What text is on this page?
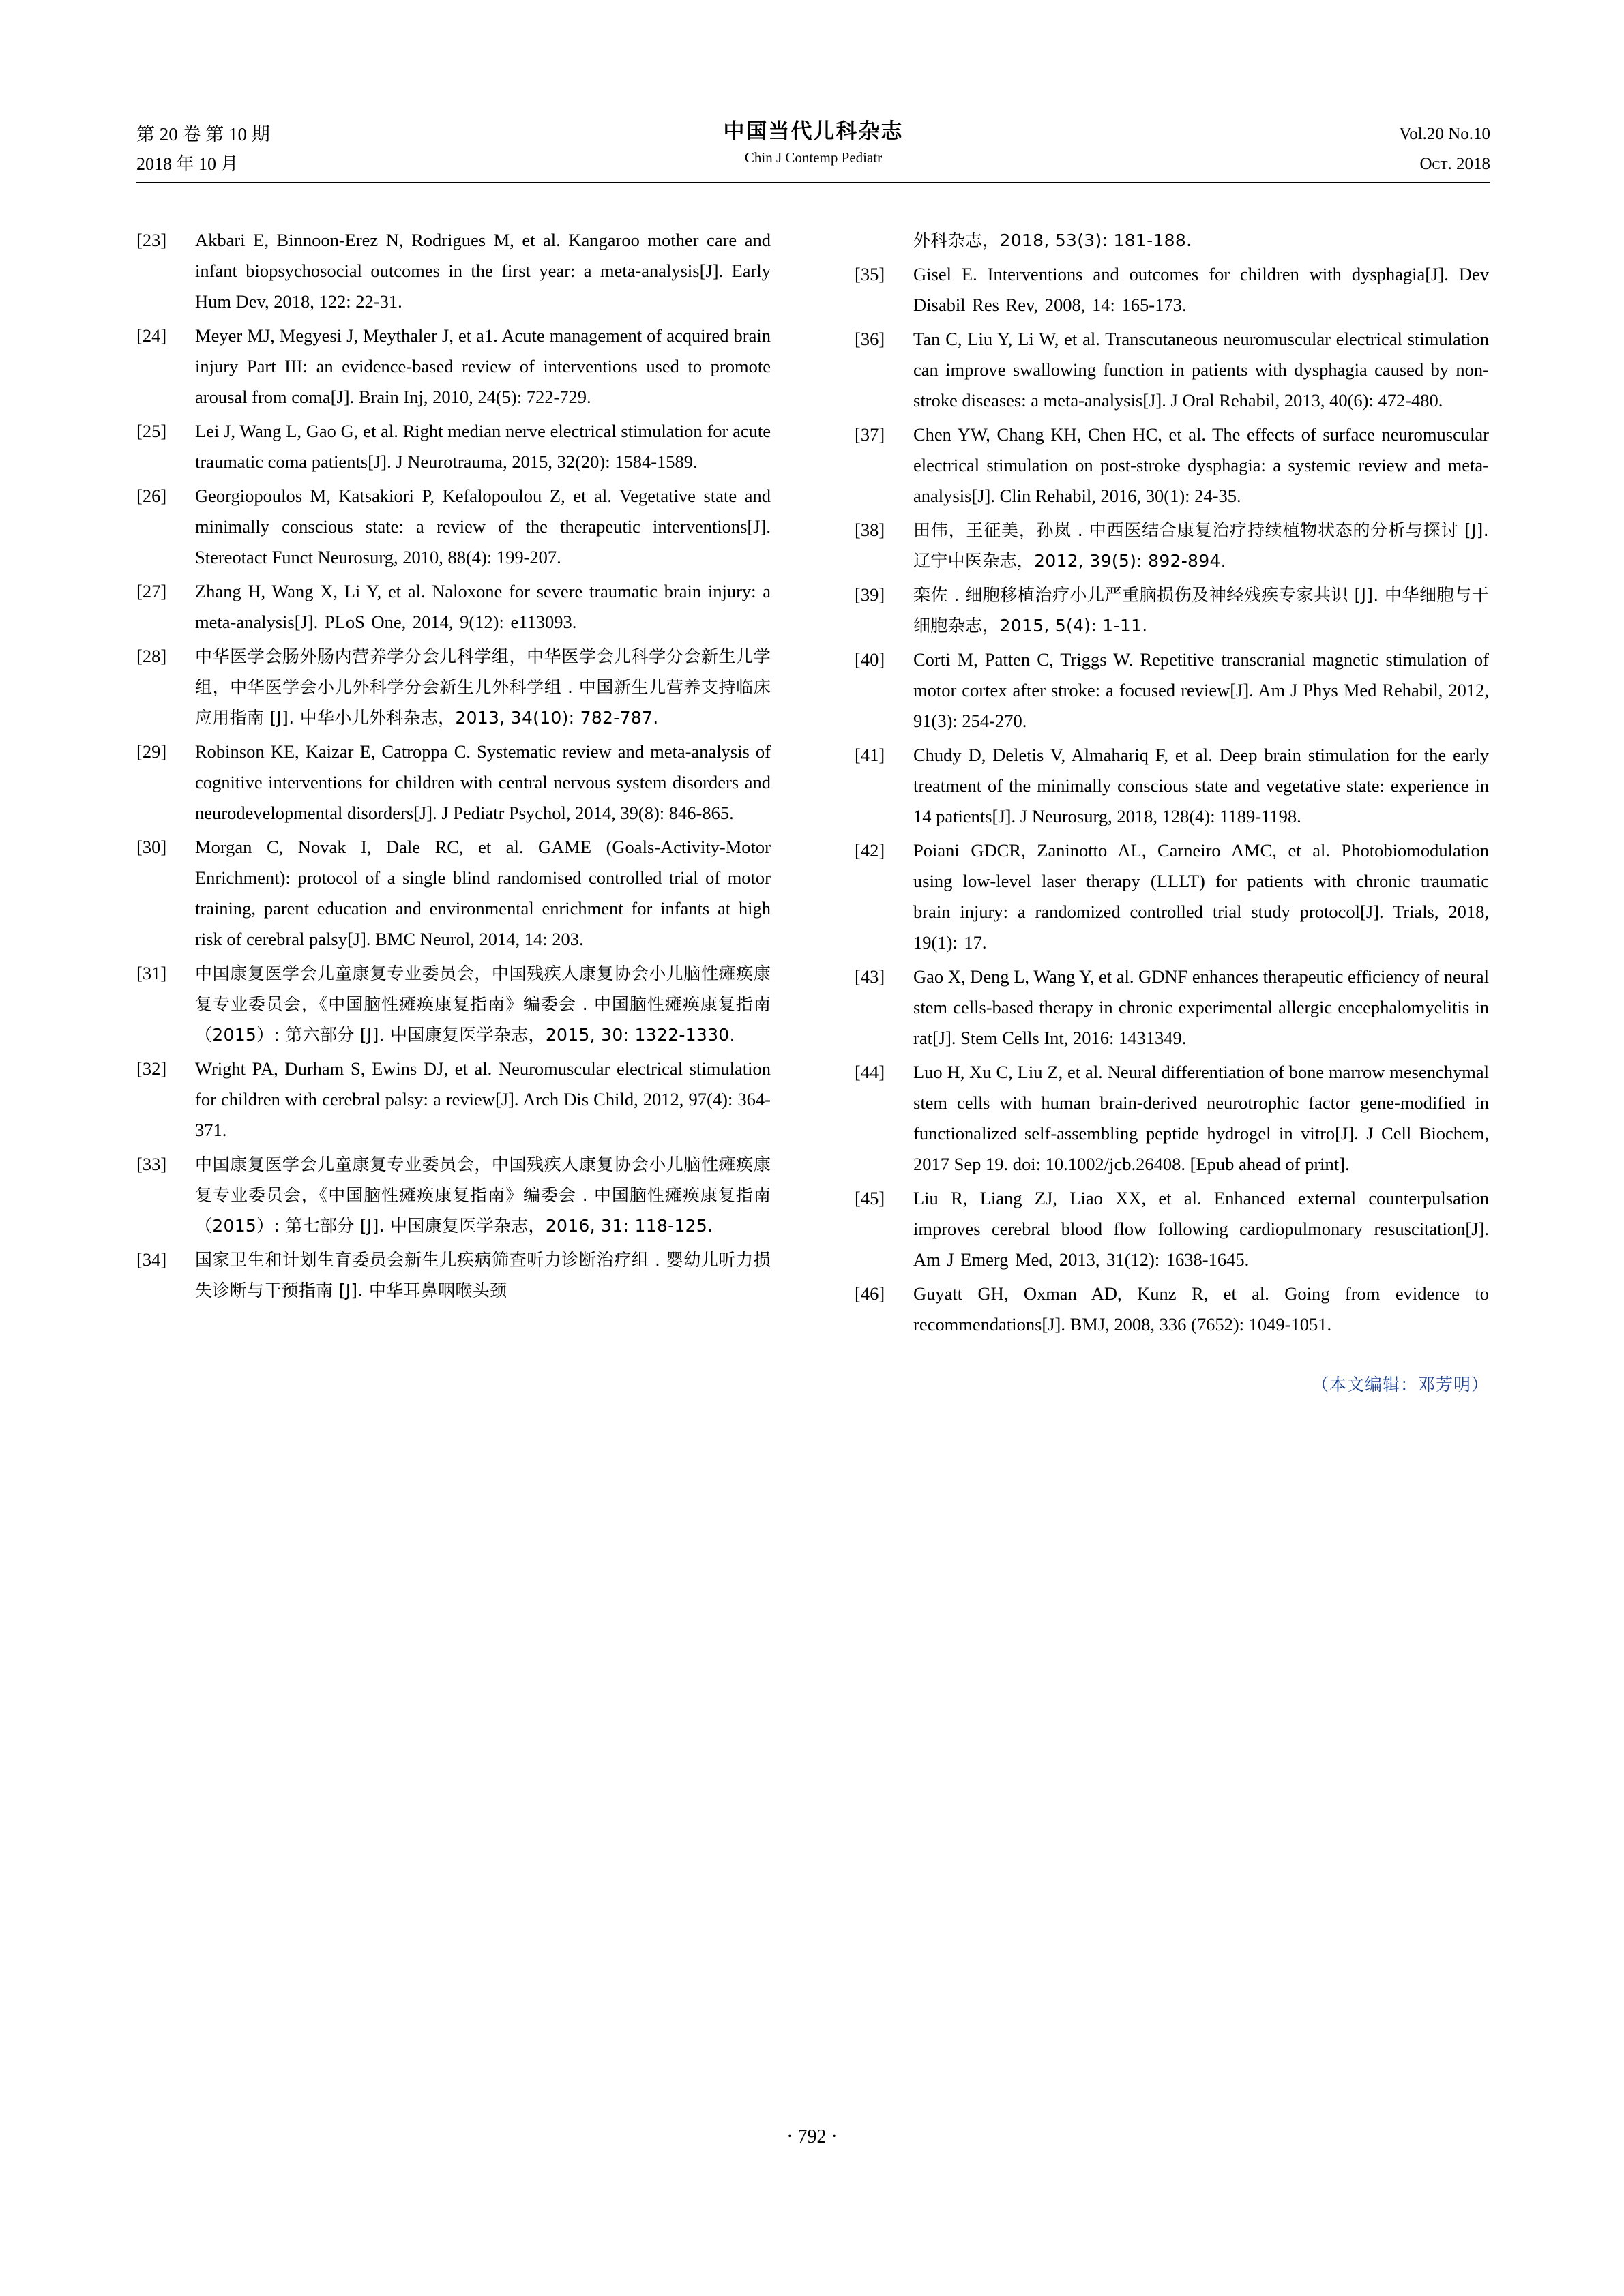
第 20 卷 第 10 期
2018 年 10 月
中国当代儿科杂志
Chin J Contemp Pediatr
Vol.20 No.10
Oct. 2018
[23]	Akbari E, Binnoon-Erez N, Rodrigues M, et al. Kangaroo mother care and infant biopsychosocial outcomes in the first year: a meta-analysis[J]. Early Hum Dev, 2018, 122: 22-31.
[24]	Meyer MJ, Megyesi J, Meythaler J, et a1. Acute management of acquired brain injury Part III: an evidence-based review of interventions used to promote arousal from coma[J]. Brain Inj, 2010, 24(5): 722-729.
[25]	Lei J, Wang L, Gao G, et al. Right median nerve electrical stimulation for acute traumatic coma patients[J]. J Neurotrauma, 2015, 32(20): 1584-1589.
[26]	Georgiopoulos M, Katsakiori P, Kefalopoulou Z, et al. Vegetative state and minimally conscious state: a review of the therapeutic interventions[J]. Stereotact Funct Neurosurg, 2010, 88(4): 199-207.
[27]	Zhang H, Wang X, Li Y, et al. Naloxone for severe traumatic brain injury: a meta-analysis[J]. PLoS One, 2014, 9(12): e113093.
[28]	中华医学会肠外肠内营养学分会儿科学组，中华医学会儿科学分会新生儿学组，中华医学会小儿外科学分会新生儿外科学组 . 中国新生儿营养支持临床应用指南 [J]. 中华小儿外科杂志，2013, 34(10): 782-787.
[29]	Robinson KE, Kaizar E, Catroppa C. Systematic review and meta-analysis of cognitive interventions for children with central nervous system disorders and neurodevelopmental disorders[J]. J Pediatr Psychol, 2014, 39(8): 846-865.
[30]	Morgan C, Novak I, Dale RC, et al. GAME (Goals-Activity-Motor Enrichment): protocol of a single blind randomised controlled trial of motor training, parent education and environmental enrichment for infants at high risk of cerebral palsy[J]. BMC Neurol, 2014, 14: 203.
[31]	中国康复医学会儿童康复专业委员会，中国残疾人康复协会小儿脑性瘫痪康复专业委员会，《中国脑性瘫痪康复指南》编委会 . 中国脑性瘫痪康复指南（2015）: 第六部分 [J]. 中国康复医学杂志，2015, 30: 1322-1330.
[32]	Wright PA, Durham S, Ewins DJ, et al. Neuromuscular electrical stimulation for children with cerebral palsy: a review[J]. Arch Dis Child, 2012, 97(4): 364-371.
[33]	中国康复医学会儿童康复专业委员会，中国残疾人康复协会小儿脑性瘫痪康复专业委员会，《中国脑性瘫痪康复指南》编委会 . 中国脑性瘫痪康复指南（2015）: 第七部分 [J]. 中国康复医学杂志，2016, 31: 118-125.
[34]	国家卫生和计划生育委员会新生儿疾病筛查听力诊断治疗组 . 婴幼儿听力损失诊断与干预指南 [J]. 中华耳鼻咽喉头颈
外科杂志，2018, 53(3): 181-188.
[35]	Gisel E. Interventions and outcomes for children with dysphagia[J]. Dev Disabil Res Rev, 2008, 14: 165-173.
[36]	Tan C, Liu Y, Li W, et al. Transcutaneous neuromuscular electrical stimulation can improve swallowing function in patients with dysphagia caused by non-stroke diseases: a meta-analysis[J]. J Oral Rehabil, 2013, 40(6): 472-480.
[37]	Chen YW, Chang KH, Chen HC, et al. The effects of surface neuromuscular electrical stimulation on post-stroke dysphagia: a systemic review and meta-analysis[J]. Clin Rehabil, 2016, 30(1): 24-35.
[38]	田伟，王征美，孙岚 . 中西医结合康复治疗持续植物状态的分析与探讨 [J]. 辽宁中医杂志，2012, 39(5): 892-894.
[39]	栾佐 . 细胞移植治疗小儿严重脑损伤及神经残疾专家共识 [J]. 中华细胞与干细胞杂志，2015, 5(4): 1-11.
[40]	Corti M, Patten C, Triggs W. Repetitive transcranial magnetic stimulation of motor cortex after stroke: a focused review[J]. Am J Phys Med Rehabil, 2012, 91(3): 254-270.
[41]	Chudy D, Deletis V, Almahariq F, et al. Deep brain stimulation for the early treatment of the minimally conscious state and vegetative state: experience in 14 patients[J]. J Neurosurg, 2018, 128(4): 1189-1198.
[42]	Poiani GDCR, Zaninotto AL, Carneiro AMC, et al. Photobiomodulation using low-level laser therapy (LLLT) for patients with chronic traumatic brain injury: a randomized controlled trial study protocol[J]. Trials, 2018, 19(1): 17.
[43]	Gao X, Deng L, Wang Y, et al. GDNF enhances therapeutic efficiency of neural stem cells-based therapy in chronic experimental allergic encephalomyelitis in rat[J]. Stem Cells Int, 2016: 1431349.
[44]	Luo H, Xu C, Liu Z, et al. Neural differentiation of bone marrow mesenchymal stem cells with human brain-derived neurotrophic factor gene-modified in functionalized self-assembling peptide hydrogel in vitro[J]. J Cell Biochem, 2017 Sep 19. doi: 10.1002/jcb.26408. [Epub ahead of print].
[45]	Liu R, Liang ZJ, Liao XX, et al. Enhanced external counterpulsation improves cerebral blood flow following cardiopulmonary resuscitation[J]. Am J Emerg Med, 2013, 31(12): 1638-1645.
[46]	Guyatt GH, Oxman AD, Kunz R, et al. Going from evidence to recommendations[J]. BMJ, 2008, 336 (7652): 1049-1051.
（本文编辑：邓芳明）
· 792 ·
